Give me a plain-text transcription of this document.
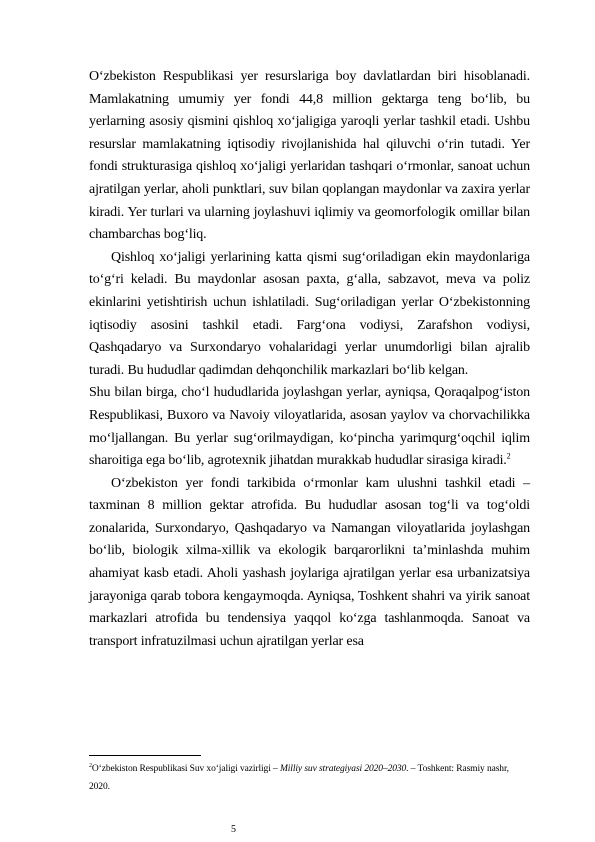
O‘zbekiston Respublikasi yer resurslariga boy davlatlardan biri hisoblanadi. Mamlakatning umumiy yer fondi 44,8 million gektarga teng bo‘lib, bu yerlarning asosiy qismini qishloq xo‘jaligiga yaroqli yerlar tashkil etadi. Ushbu resurslar mamlakatning iqtisodiy rivojlanishida hal qiluvchi o‘rin tutadi. Yer fondi strukturasiga qishloq xo‘jaligi yerlaridan tashqari o‘rmonlar, sanoat uchun ajratilgan yerlar, aholi punktlari, suv bilan qoplangan maydonlar va zaxira yerlar kiradi. Yer turlari va ularning joylashuvi iqlimiy va geomorfologik omillar bilan chambarchas bog‘liq.

Qishloq xo‘jaligi yerlarining katta qismi sug‘oriladigan ekin maydonlariga to‘g‘ri keladi. Bu maydonlar asosan paxta, g‘alla, sabzavot, meva va poliz ekinlarini yetishtirish uchun ishlatiladi. Sug‘oriladigan yerlar O‘zbekistonning iqtisodiy asosini tashkil etadi. Farg‘ona vodiysi, Zarafshon vodiysi, Qashqadaryo va Surxondaryo vohalaridagi yerlar unumdorligi bilan ajralib turadi. Bu hududlar qadimdan dehqonchilik markazlari bo‘lib kelgan.

Shu bilan birga, cho‘l hududlarida joylashgan yerlar, ayniqsa, Qoraqalpog‘iston Respublikasi, Buxoro va Navoiy viloyatlarida, asosan yaylov va chorvachilikka mo‘ljallangan. Bu yerlar sug‘orilmaydigan, ko‘pincha yarimqurg‘oqchil iqlim sharoitiga ega bo‘lib, agrotexnik jihatdan murakkab hududlar sirasiga kiradi.$^2$

O‘zbekiston yer fondi tarkibida o‘rmonlar kam ulushni tashkil etadi – taxminan 8 million gektar atrofida. Bu hududlar asosan tog‘li va tog‘oldi zonalarida, Surxondaryo, Qashqadaryo va Namangan viloyatlarida joylashgan bo‘lib, biologik xilma-xillik va ekologik barqarorlikni ta’minlashda muhim ahamiyat kasb etadi. Aholi yashash joylariga ajratilgan yerlar esa urbanizatsiya jarayoniga qarab tobora kengaymoqda. Ayniqsa, Toshkent shahri va yirik sanoat markazlari atrofida bu tendensiya yaqqol ko‘zga tashlanmoqda. Sanoat va transport infratuzilmasi uchun ajratilgan yerlar esa

$^2$O‘zbekiston Respublikasi Suv xo‘jaligi vazirligi – Milliy suv strategiyasi 2020–2030. – Toshkent: Rasmiy nashr, 2020.
5
